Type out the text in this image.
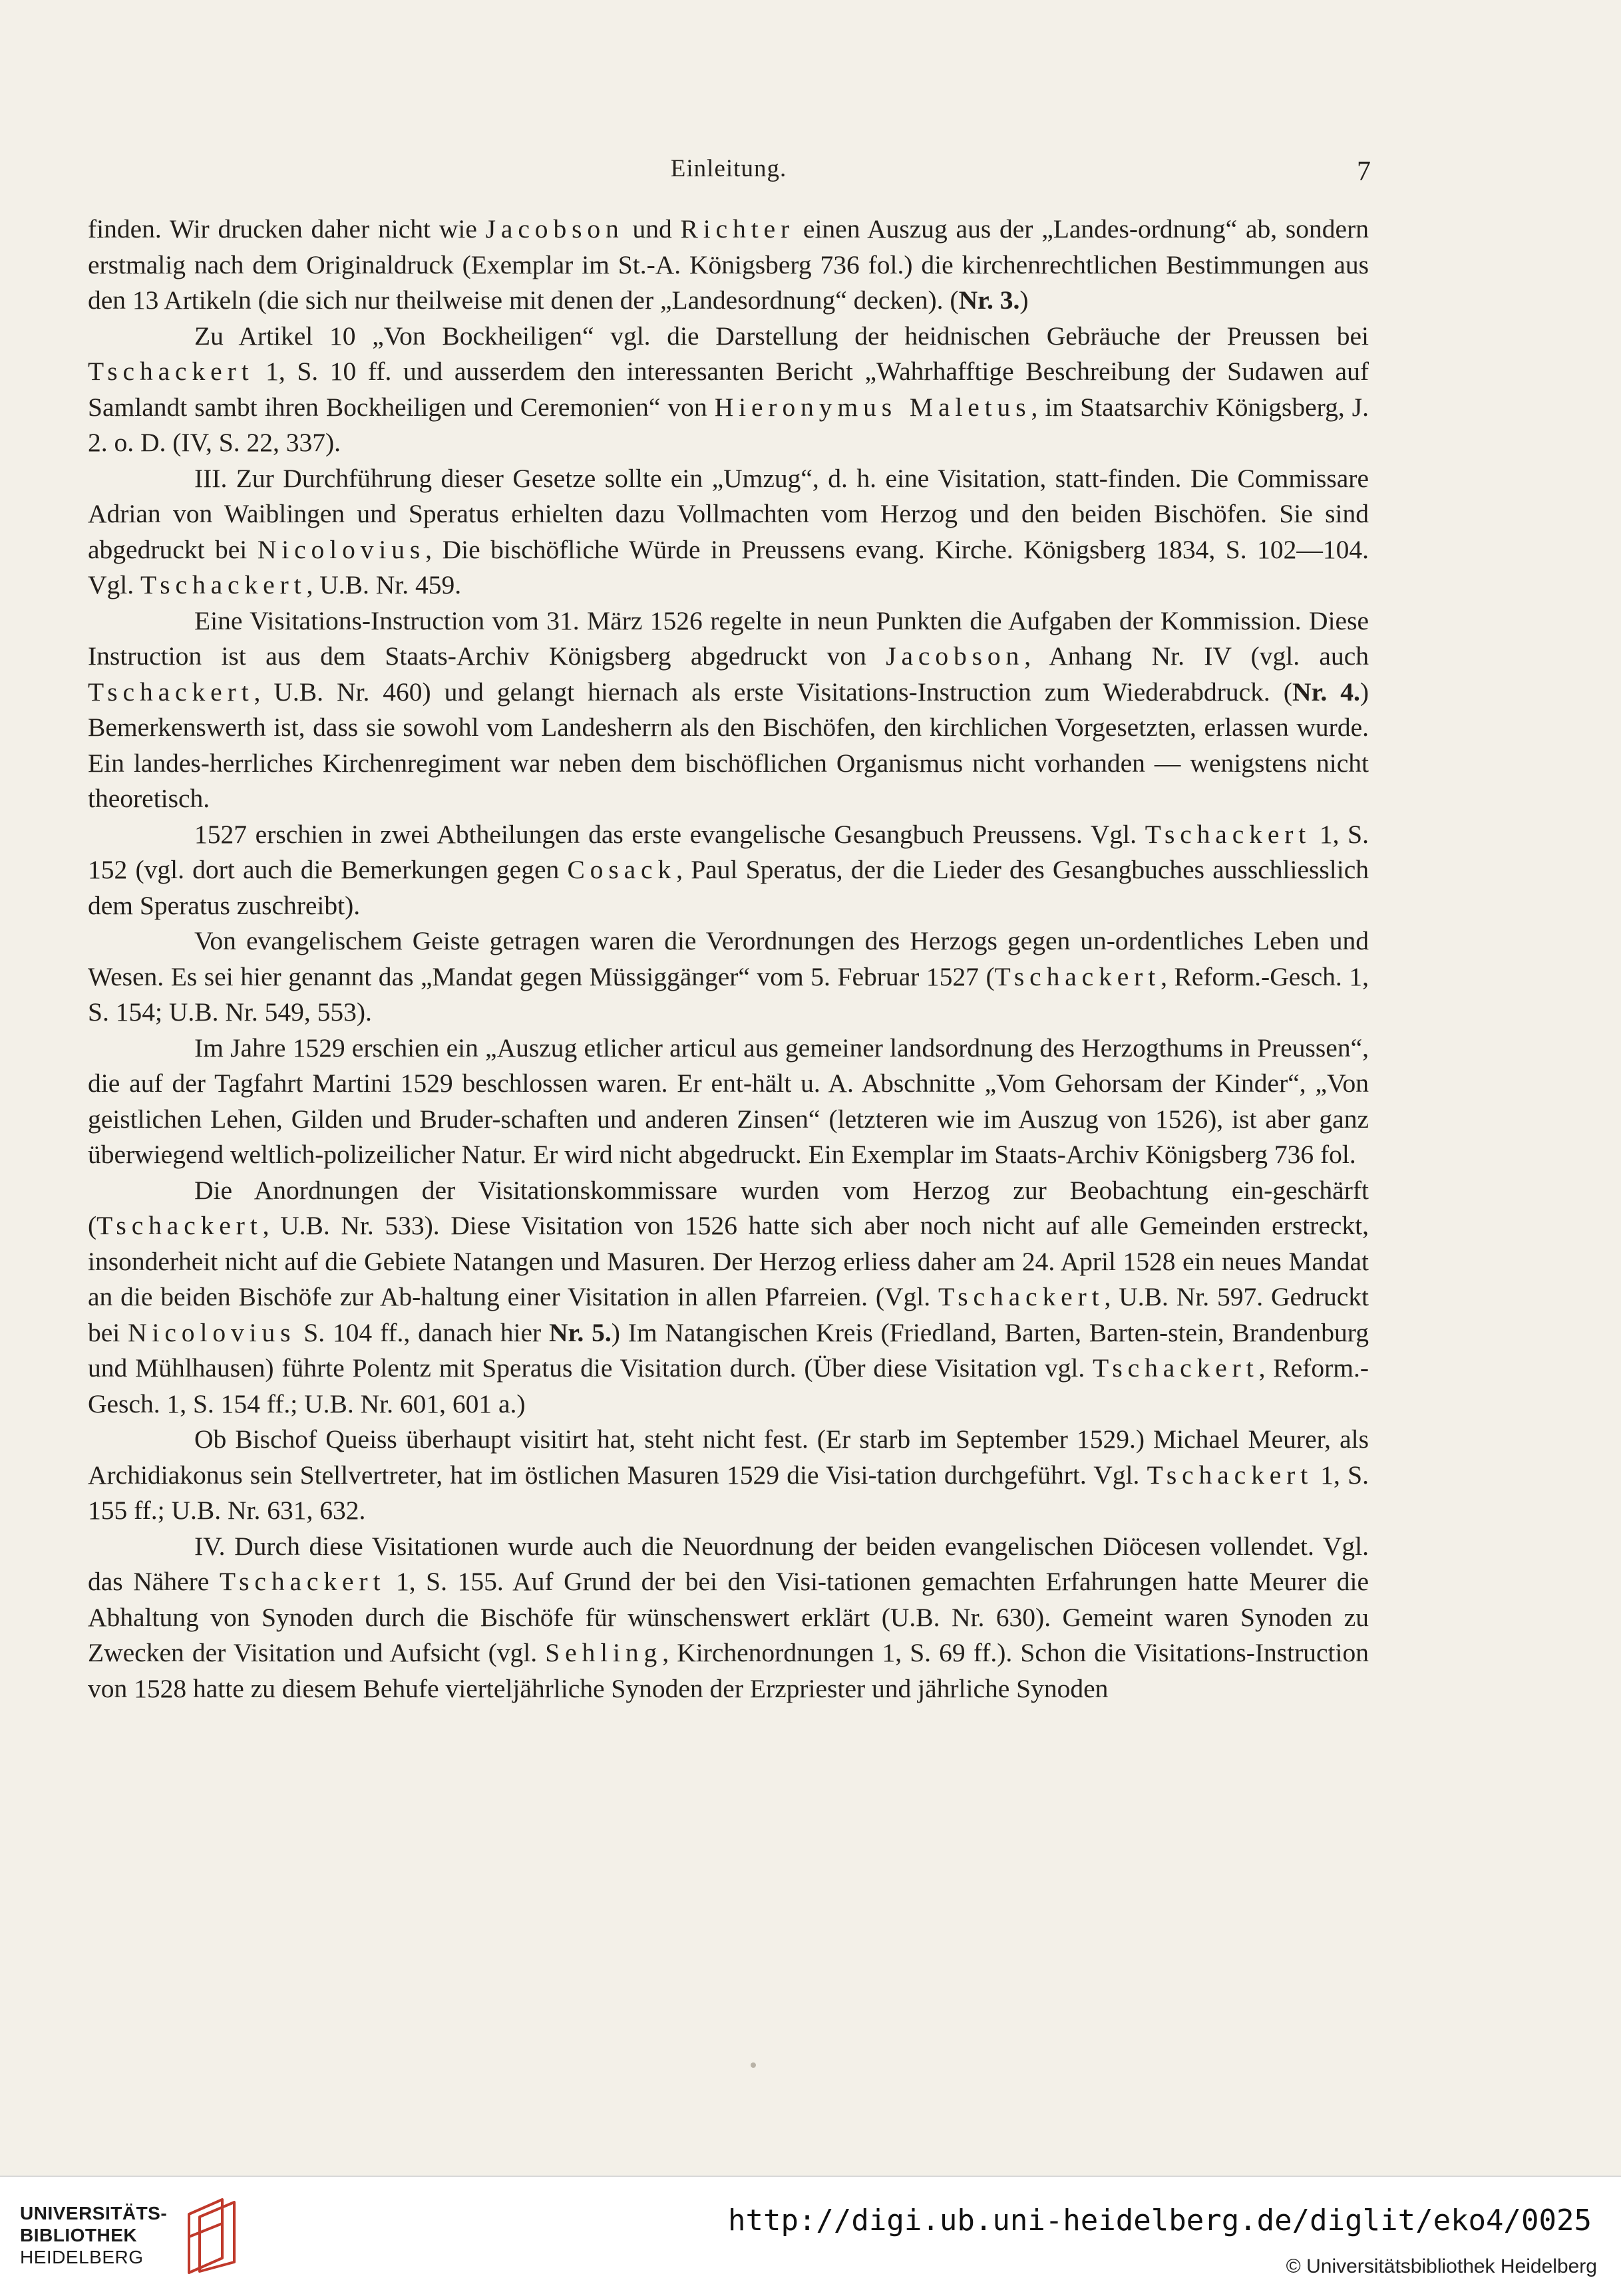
Einleitung.	7

finden. Wir drucken daher nicht wie Jacobson und Richter einen Auszug aus der „Landes-ordnung“ ab, sondern erstmalig nach dem Originaldruck (Exemplar im St.-A. Königsberg 736 fol.) die kirchenrechtlichen Bestimmungen aus den 13 Artikeln (die sich nur theilweise mit denen der „Landesordnung“ decken). (Nr. 3.)

Zu Artikel 10 „Von Bockheiligen“ vgl. die Darstellung der heidnischen Gebräuche der Preussen bei Tschackert 1, S. 10 ff. und ausserdem den interessanten Bericht „Wahrhafftige Beschreibung der Sudawen auf Samlandt sambt ihren Bockheiligen und Ceremonien“ von Hieronymus Maletus, im Staatsarchiv Königsberg, J. 2. o. D. (IV, S. 22, 337).

III. Zur Durchführung dieser Gesetze sollte ein „Umzug“, d. h. eine Visitation, statt-finden. Die Commissare Adrian von Waiblingen und Speratus erhielten dazu Vollmachten vom Herzog und den beiden Bischöfen. Sie sind abgedruckt bei Nicolovius, Die bischöfliche Würde in Preussens evang. Kirche. Königsberg 1834, S. 102—104. Vgl. Tschackert, U.B. Nr. 459.

Eine Visitations-Instruction vom 31. März 1526 regelte in neun Punkten die Aufgaben der Kommission. Diese Instruction ist aus dem Staats-Archiv Königsberg abgedruckt von Jacobson, Anhang Nr. IV (vgl. auch Tschackert, U.B. Nr. 460) und gelangt hiernach als erste Visitations-Instruction zum Wiederabdruck. (Nr. 4.) Bemerkenswerth ist, dass sie sowohl vom Landesherrn als den Bischöfen, den kirchlichen Vorgesetzten, erlassen wurde. Ein landes-herrliches Kirchenregiment war neben dem bischöflichen Organismus nicht vorhanden — wenigstens nicht theoretisch.

1527 erschien in zwei Abtheilungen das erste evangelische Gesangbuch Preussens. Vgl. Tschackert 1, S. 152 (vgl. dort auch die Bemerkungen gegen Cosack, Paul Speratus, der die Lieder des Gesangbuches ausschliesslich dem Speratus zuschreibt).

Von evangelischem Geiste getragen waren die Verordnungen des Herzogs gegen un-ordentliches Leben und Wesen. Es sei hier genannt das „Mandat gegen Müssiggänger“ vom 5. Februar 1527 (Tschackert, Reform.-Gesch. 1, S. 154; U.B. Nr. 549, 553).

Im Jahre 1529 erschien ein „Auszug etlicher articul aus gemeiner landsordnung des Herzogthums in Preussen“, die auf der Tagfahrt Martini 1529 beschlossen waren. Er ent-hält u. A. Abschnitte „Vom Gehorsam der Kinder“, „Von geistlichen Lehen, Gilden und Bruder-schaften und anderen Zinsen“ (letzteren wie im Auszug von 1526), ist aber ganz überwiegend weltlich-polizeilicher Natur. Er wird nicht abgedruckt. Ein Exemplar im Staats-Archiv Königsberg 736 fol.

Die Anordnungen der Visitationskommissare wurden vom Herzog zur Beobachtung ein-geschärft (Tschackert, U.B. Nr. 533). Diese Visitation von 1526 hatte sich aber noch nicht auf alle Gemeinden erstreckt, insonderheit nicht auf die Gebiete Natangen und Masuren. Der Herzog erliess daher am 24. April 1528 ein neues Mandat an die beiden Bischöfe zur Ab-haltung einer Visitation in allen Pfarreien. (Vgl. Tschackert, U.B. Nr. 597. Gedruckt bei Nicolovius S. 104 ff., danach hier Nr. 5.) Im Natangischen Kreis (Friedland, Barten, Barten-stein, Brandenburg und Mühlhausen) führte Polentz mit Speratus die Visitation durch. (Über diese Visitation vgl. Tschackert, Reform.-Gesch. 1, S. 154 ff.; U.B. Nr. 601, 601 a.)

Ob Bischof Queiss überhaupt visitirt hat, steht nicht fest. (Er starb im September 1529.) Michael Meurer, als Archidiakonus sein Stellvertreter, hat im östlichen Masuren 1529 die Visi-tation durchgeführt. Vgl. Tschackert 1, S. 155 ff.; U.B. Nr. 631, 632.

IV. Durch diese Visitationen wurde auch die Neuordnung der beiden evangelischen Diöcesen vollendet. Vgl. das Nähere Tschackert 1, S. 155. Auf Grund der bei den Visi-tationen gemachten Erfahrungen hatte Meurer die Abhaltung von Synoden durch die Bischöfe für wünschenswert erklärt (U.B. Nr. 630). Gemeint waren Synoden zu Zwecken der Visitation und Aufsicht (vgl. Sehling, Kirchenordnungen 1, S. 69 ff.). Schon die Visitations-Instruction von 1528 hatte zu diesem Behufe vierteljährliche Synoden der Erzpriester und jährliche Synoden

UNIVERSITÄTS-
BIBLIOTHEK
HEIDELBERG
http://digi.ub.uni-heidelberg.de/diglit/eko4/0025
© Universitätsbibliothek Heidelberg
